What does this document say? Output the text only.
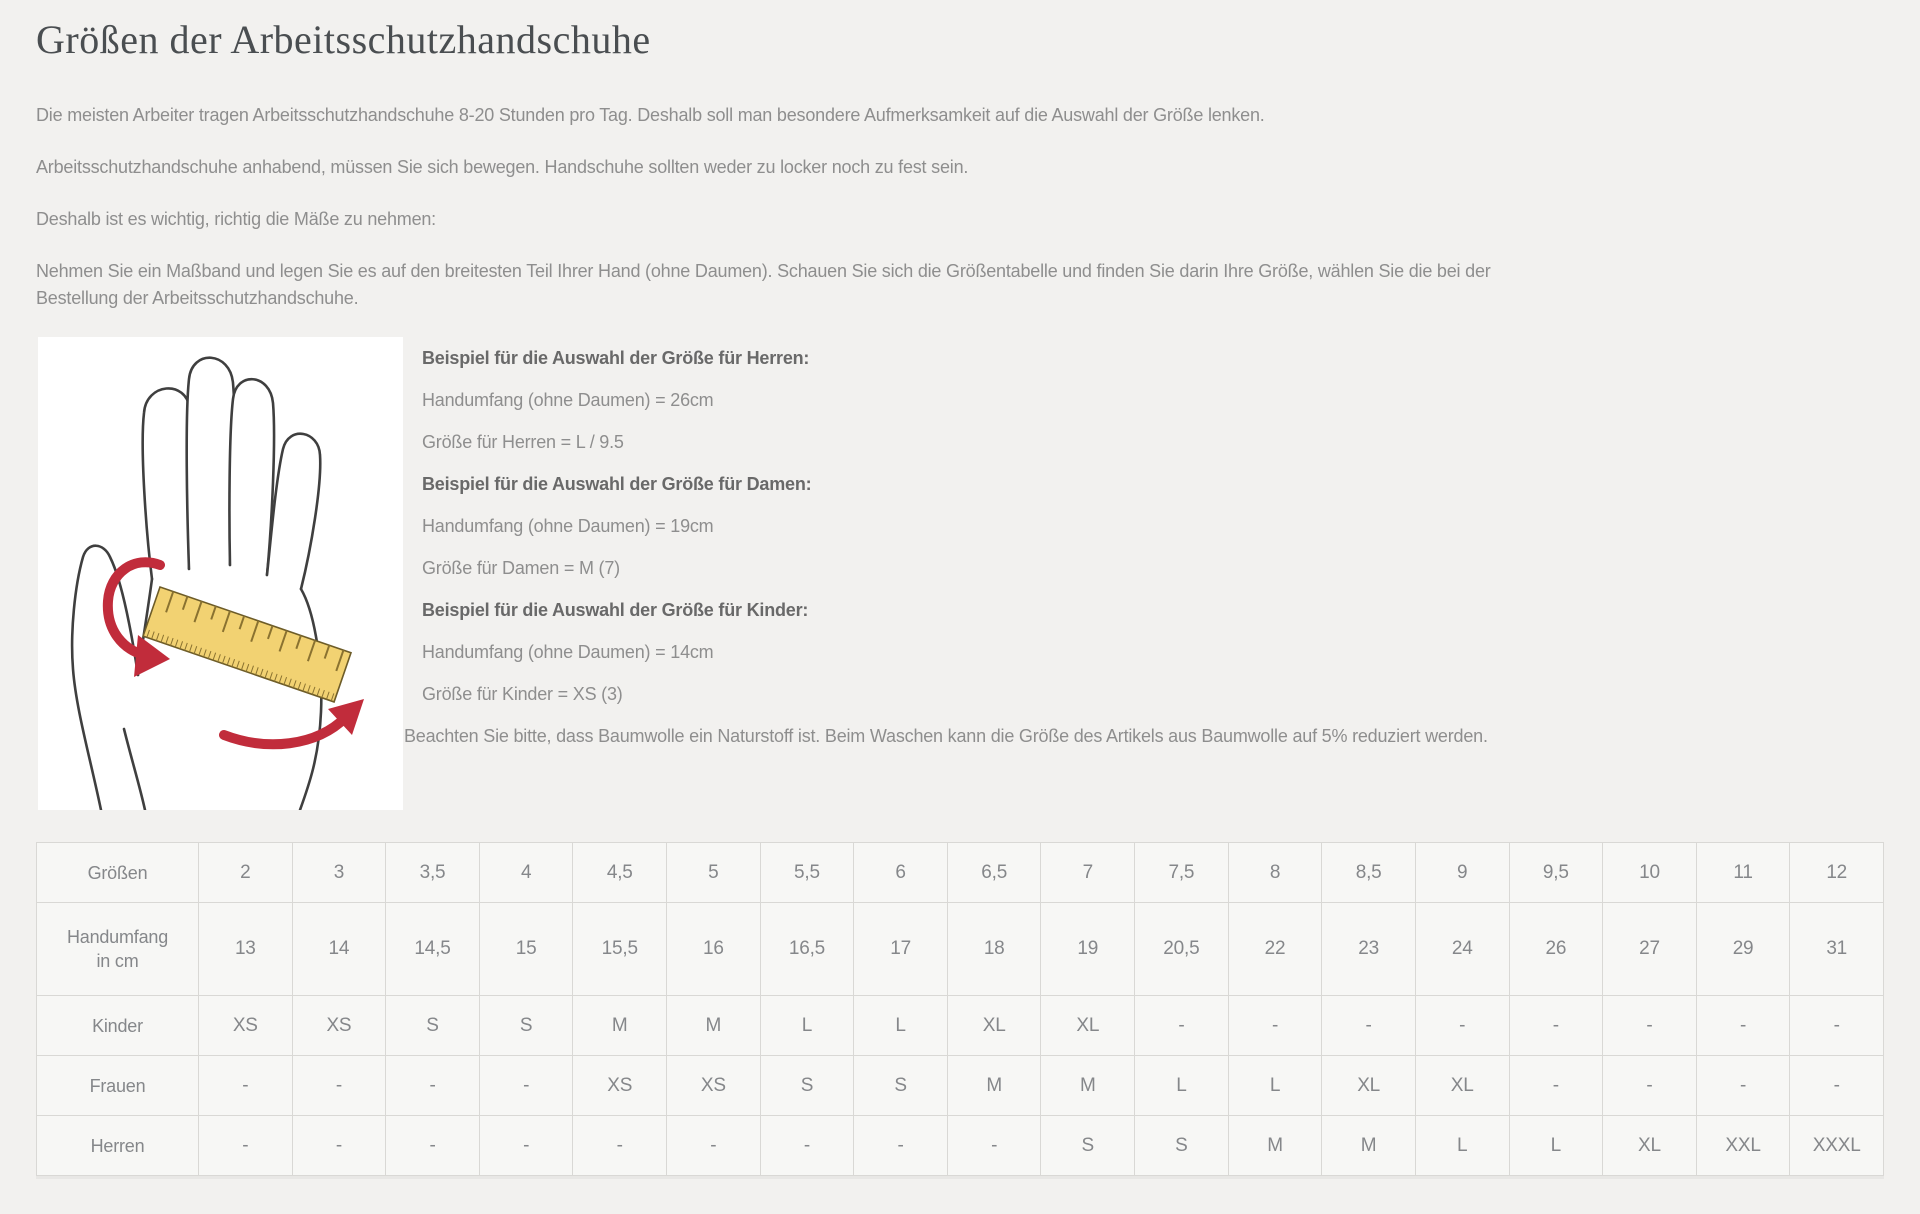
Größen der Arbeitsschutzhandschuhe

Die meisten Arbeiter tragen Arbeitsschutzhandschuhe 8-20 Stunden pro Tag. Deshalb soll man besondere Aufmerksamkeit auf die Auswahl der Größe lenken.

Arbeitsschutzhandschuhe anhabend, müssen Sie sich bewegen. Handschuhe sollten weder zu locker noch zu fest sein.

Deshalb ist es wichtig, richtig die Mäße zu nehmen:

Nehmen Sie ein Maßband und legen Sie es auf den breitesten Teil Ihrer Hand (ohne Daumen). Schauen Sie sich die Größentabelle und finden Sie darin Ihre Größe, wählen Sie die bei der Bestellung der Arbeitsschutzhandschuhe.

Beispiel für die Auswahl der Größe für Herren:
Handumfang (ohne Daumen) = 26cm
Größe für Herren = L / 9.5
Beispiel für die Auswahl der Größe für Damen:
Handumfang (ohne Daumen) = 19cm
Größe für Damen = M (7)
Beispiel für die Auswahl der Größe für Kinder:
Handumfang (ohne Daumen) = 14cm
Größe für Kinder = XS (3)
Beachten Sie bitte, dass Baumwolle ein Naturstoff ist. Beim Waschen kann die Größe des Artikels aus Baumwolle auf 5% reduziert werden.
Größen	2	3	3,5	4	4,5	5	5,5	6	6,5	7	7,5	8	8,5	9	9,5	10	11	12
Handumfang in cm	13	14	14,5	15	15,5	16	16,5	17	18	19	20,5	22	23	24	26	27	29	31
Kinder	XS	XS	S	S	M	M	L	L	XL	XL	-	-	-	-	-	-	-	-
Frauen	-	-	-	-	XS	XS	S	S	M	M	L	L	XL	XL	-	-	-	-
Herren	-	-	-	-	-	-	-	-	-	S	S	M	M	L	L	XL	XXL	XXXL
